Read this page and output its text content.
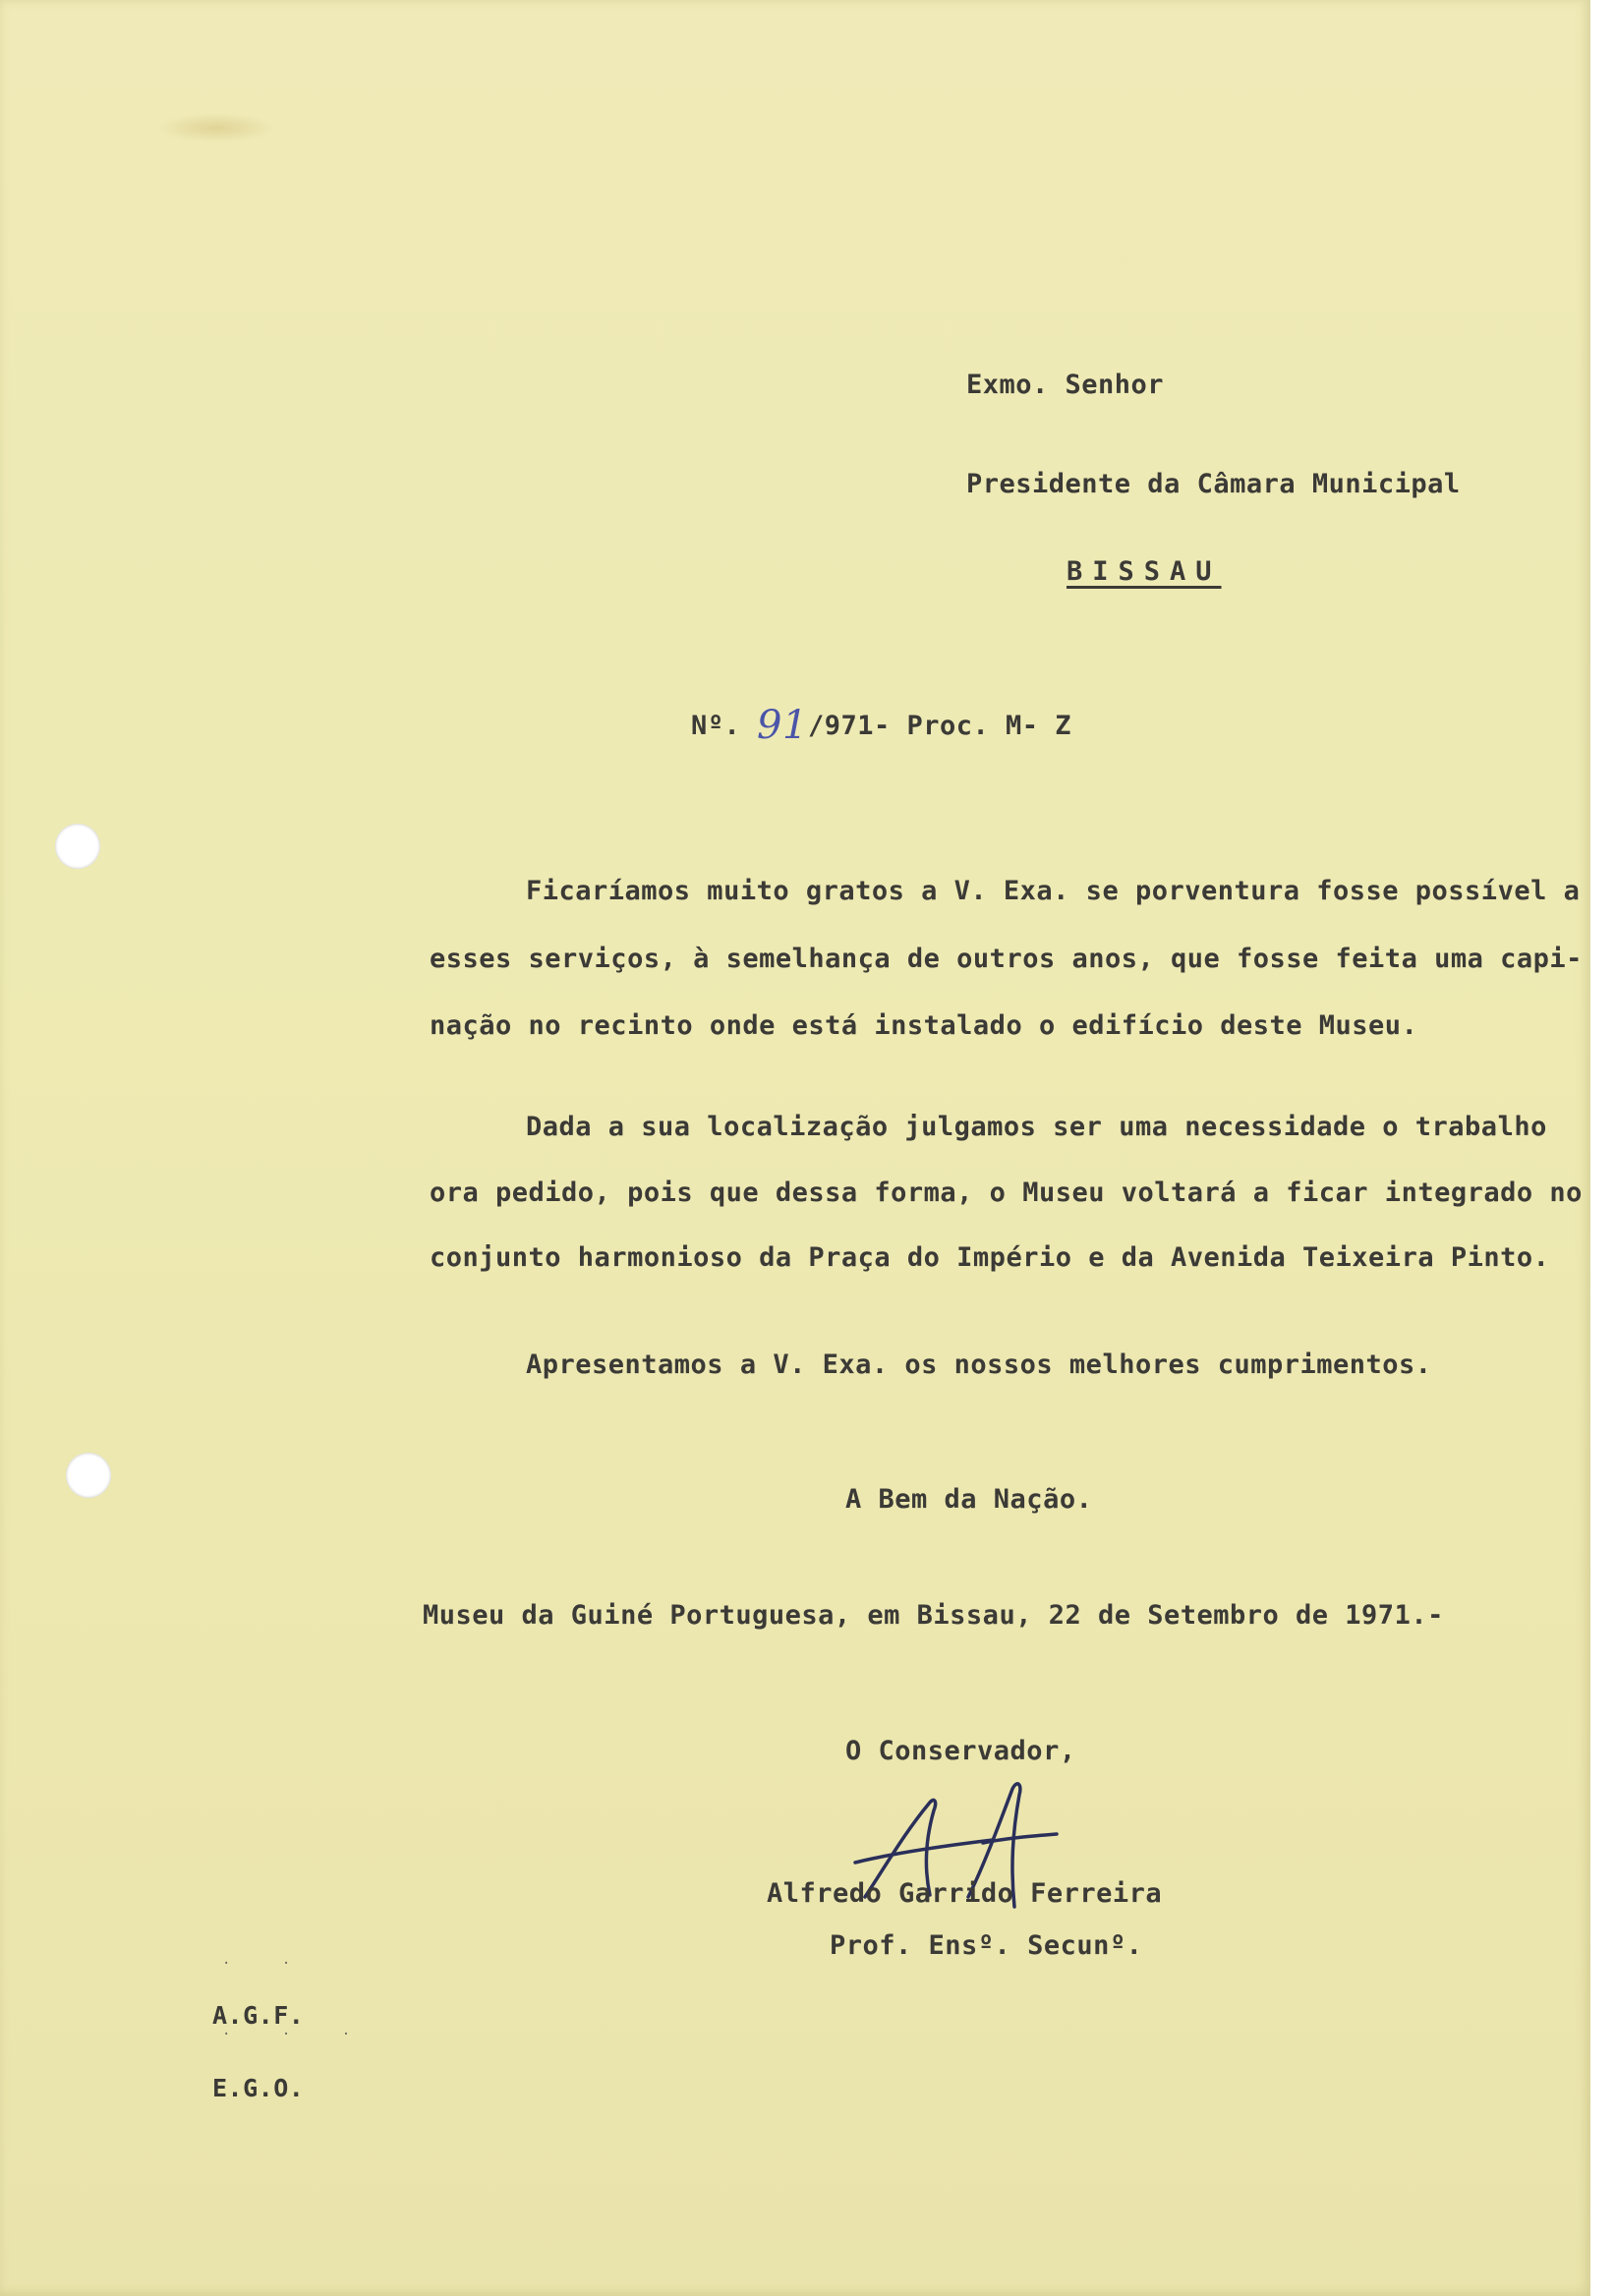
Exmo. Senhor
Presidente da Câmara Municipal
BISSAU
Nº. 91/971- Proc. M- Z
Ficaríamos muito gratos a V. Exa. se porventura fosse possível a
esses serviços, à semelhança de outros anos, que fosse feita uma capi-
nação no recinto onde está instalado o edifício deste Museu.
Dada a sua localização julgamos ser uma necessidade o trabalho
ora pedido, pois que dessa forma, o Museu voltará a ficar integrado no
conjunto harmonioso da Praça do Império e da Avenida Teixeira Pinto.
Apresentamos a V. Exa. os nossos melhores cumprimentos.
A Bem da Nação.
Museu da Guiné Portuguesa, em Bissau, 22 de Setembro de 1971.-
O Conservador,
Alfredo Garrido Ferreira
Prof. Ensº. Secunº.
· ·
A.G.F.
· · ·
E.G.O.
